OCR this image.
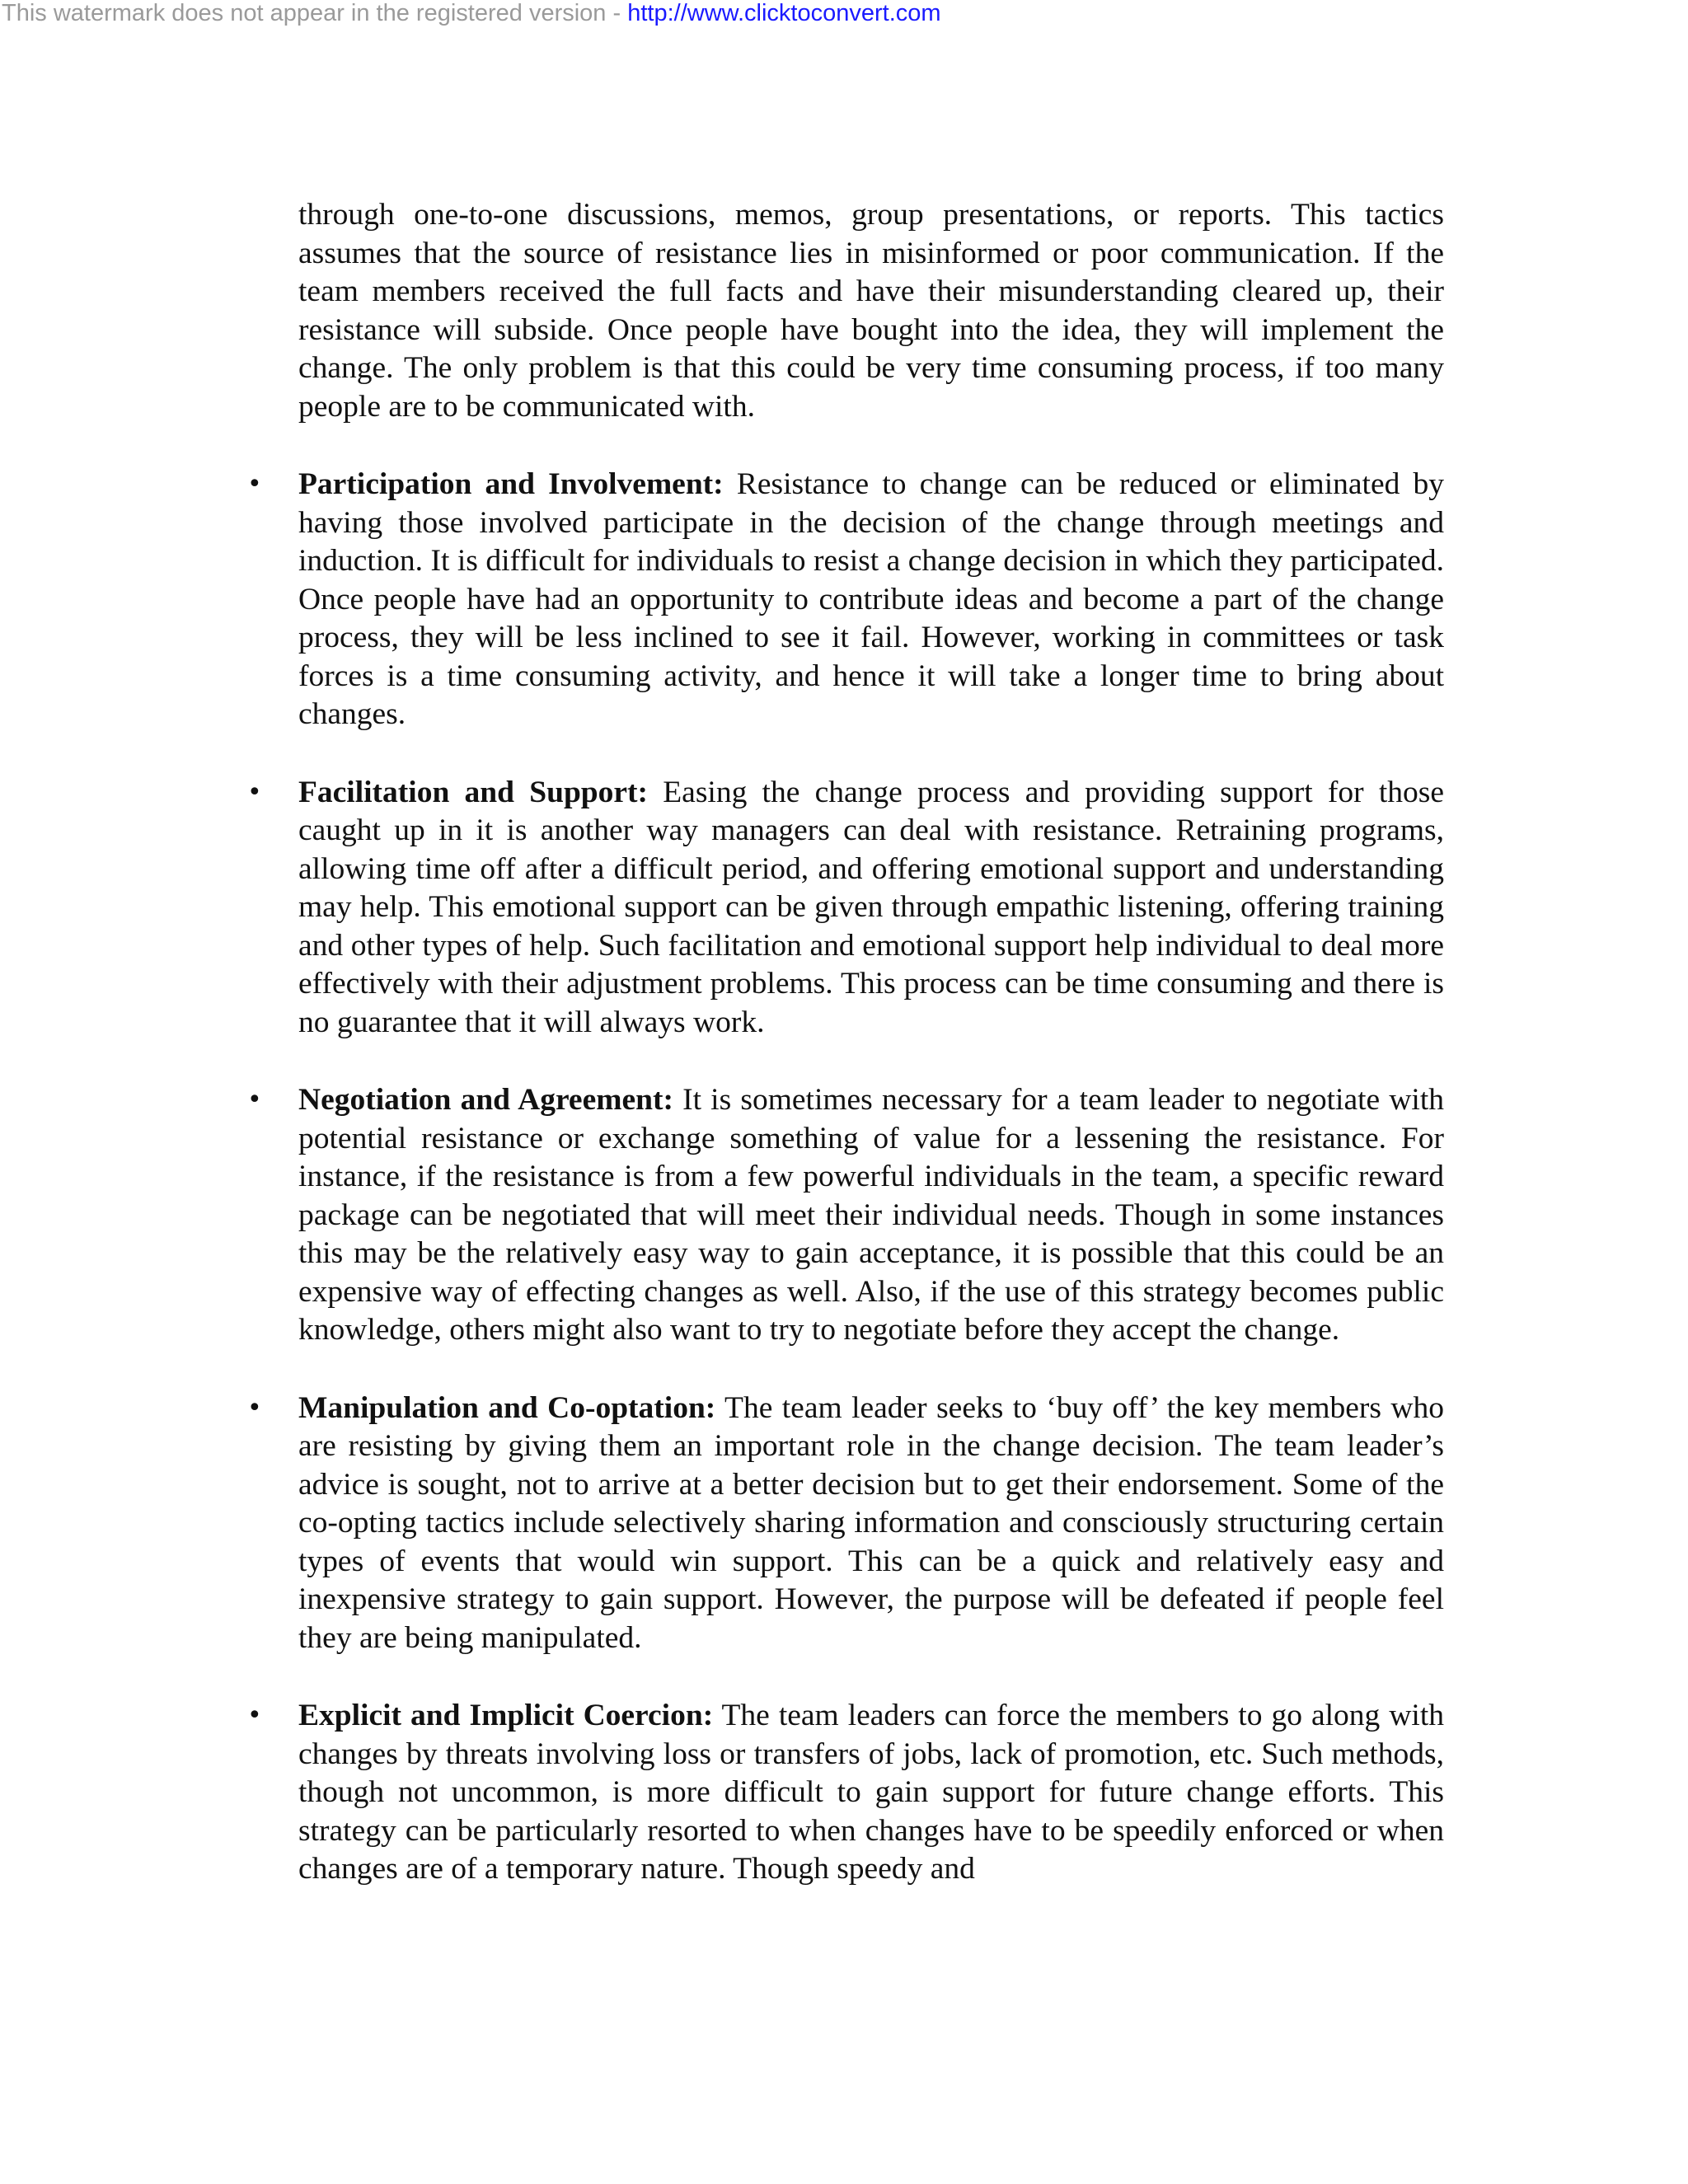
This watermark does not appear in the registered version - http://www.clicktoconvert.com

through one-to-one discussions, memos, group presentations, or reports. This tactics assumes that the source of resistance lies in misinformed or poor communication. If the team members received the full facts and have their misunderstanding cleared up, their resistance will subside. Once people have bought into the idea, they will implement the change. The only problem is that this could be very time consuming process, if too many people are to be communicated with.

• Participation and Involvement: Resistance to change can be reduced or eliminated by having those involved participate in the decision of the change through meetings and induction. It is difficult for individuals to resist a change decision in which they participated. Once people have had an opportunity to contribute ideas and become a part of the change process, they will be less inclined to see it fail. However, working in committees or task forces is a time consuming activity, and hence it will take a longer time to bring about changes.

• Facilitation and Support: Easing the change process and providing support for those caught up in it is another way managers can deal with resistance. Retraining programs, allowing time off after a difficult period, and offering emotional support and understanding may help. This emotional support can be given through empathic listening, offering training and other types of help. Such facilitation and emotional support help individual to deal more effectively with their adjustment problems. This process can be time consuming and there is no guarantee that it will always work.

• Negotiation and Agreement: It is sometimes necessary for a team leader to negotiate with potential resistance or exchange something of value for a lessening the resistance. For instance, if the resistance is from a few powerful individuals in the team, a specific reward package can be negotiated that will meet their individual needs. Though in some instances this may be the relatively easy way to gain acceptance, it is possible that this could be an expensive way of effecting changes as well. Also, if the use of this strategy becomes public knowledge, others might also want to try to negotiate before they accept the change.

• Manipulation and Co-optation: The team leader seeks to ‘buy off’ the key members who are resisting by giving them an important role in the change decision. The team leader’s advice is sought, not to arrive at a better decision but to get their endorsement. Some of the co-opting tactics include selectively sharing information and consciously structuring certain types of events that would win support. This can be a quick and relatively easy and inexpensive strategy to gain support. However, the purpose will be defeated if people feel they are being manipulated.

• Explicit and Implicit Coercion: The team leaders can force the members to go along with changes by threats involving loss or transfers of jobs, lack of promotion, etc. Such methods, though not uncommon, is more difficult to gain support for future change efforts. This strategy can be particularly resorted to when changes have to be speedily enforced or when changes are of a temporary nature. Though speedy and
